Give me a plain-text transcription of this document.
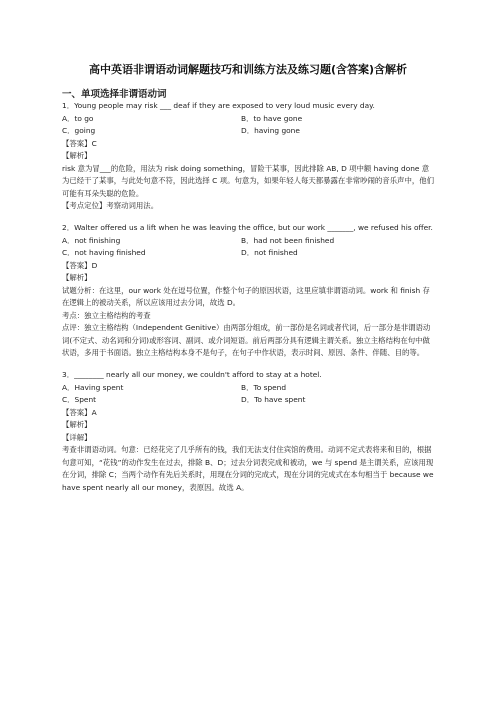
高中英语非谓语动词解题技巧和训练方法及练习题(含答案)含解析
一、单项选择非谓语动词

1．Young people may risk ___ deaf if they are exposed to very loud music every day.

A．to go	B．to have gone
C．going	D．having gone

【答案】C

【解析】

risk 意为冒___的危险，用法为 risk doing something，冒险干某事，因此排除 AB, D 项中额 having done 意为已经干了某事，与此处句意不符，因此选择 C 项。句意为，如果年轻人每天都暴露在非常吵闹的音乐声中，他们可能有耳朵失聪的危险。

【考点定位】考察动词用法。

2．Walter offered us a lift when he was leaving the office, but our work _______, we refused his offer.

A．not finishing	B．had not been finished
C．not having finished	D．not finished

【答案】D

【解析】

试题分析：在这里，our work 处在逗号位置，作整个句子的原因状语，这里应填非谓语动词。work 和 finish 存在逻辑上的被动关系，所以应该用过去分词，故选 D。

考点：独立主格结构的考查

点评：独立主格结构（Independent Genitive）由两部分组成，前一部份是名词或者代词，后一部分是非谓语动词(不定式、动名词和分词)或形容词、副词、或介词短语。前后两部分具有逻辑主谓关系。独立主格结构在句中做状语，多用于书面语。独立主格结构本身不是句子，在句子中作状语，表示时间、原因、条件、伴随、目的等。

3．________ nearly all our money, we couldn't afford to stay at a hotel.

A．Having spent	B．To spend
C．Spent	D．To have spent

【答案】A

【解析】

【详解】

考查非谓语动词。句意：已经花完了几乎所有的钱，我们无法支付住宾馆的费用。动词不定式表将来和目的，根据句意可知，“花钱”的动作发生在过去，排除 B、D；过去分词表完成和被动，we 与 spend 是主谓关系，应该用现在分词，排除 C；当两个动作有先后关系时，用现在分词的完成式，现在分词的完成式在本句相当于 because we have spent nearly all our money，表原因。故选 A。
